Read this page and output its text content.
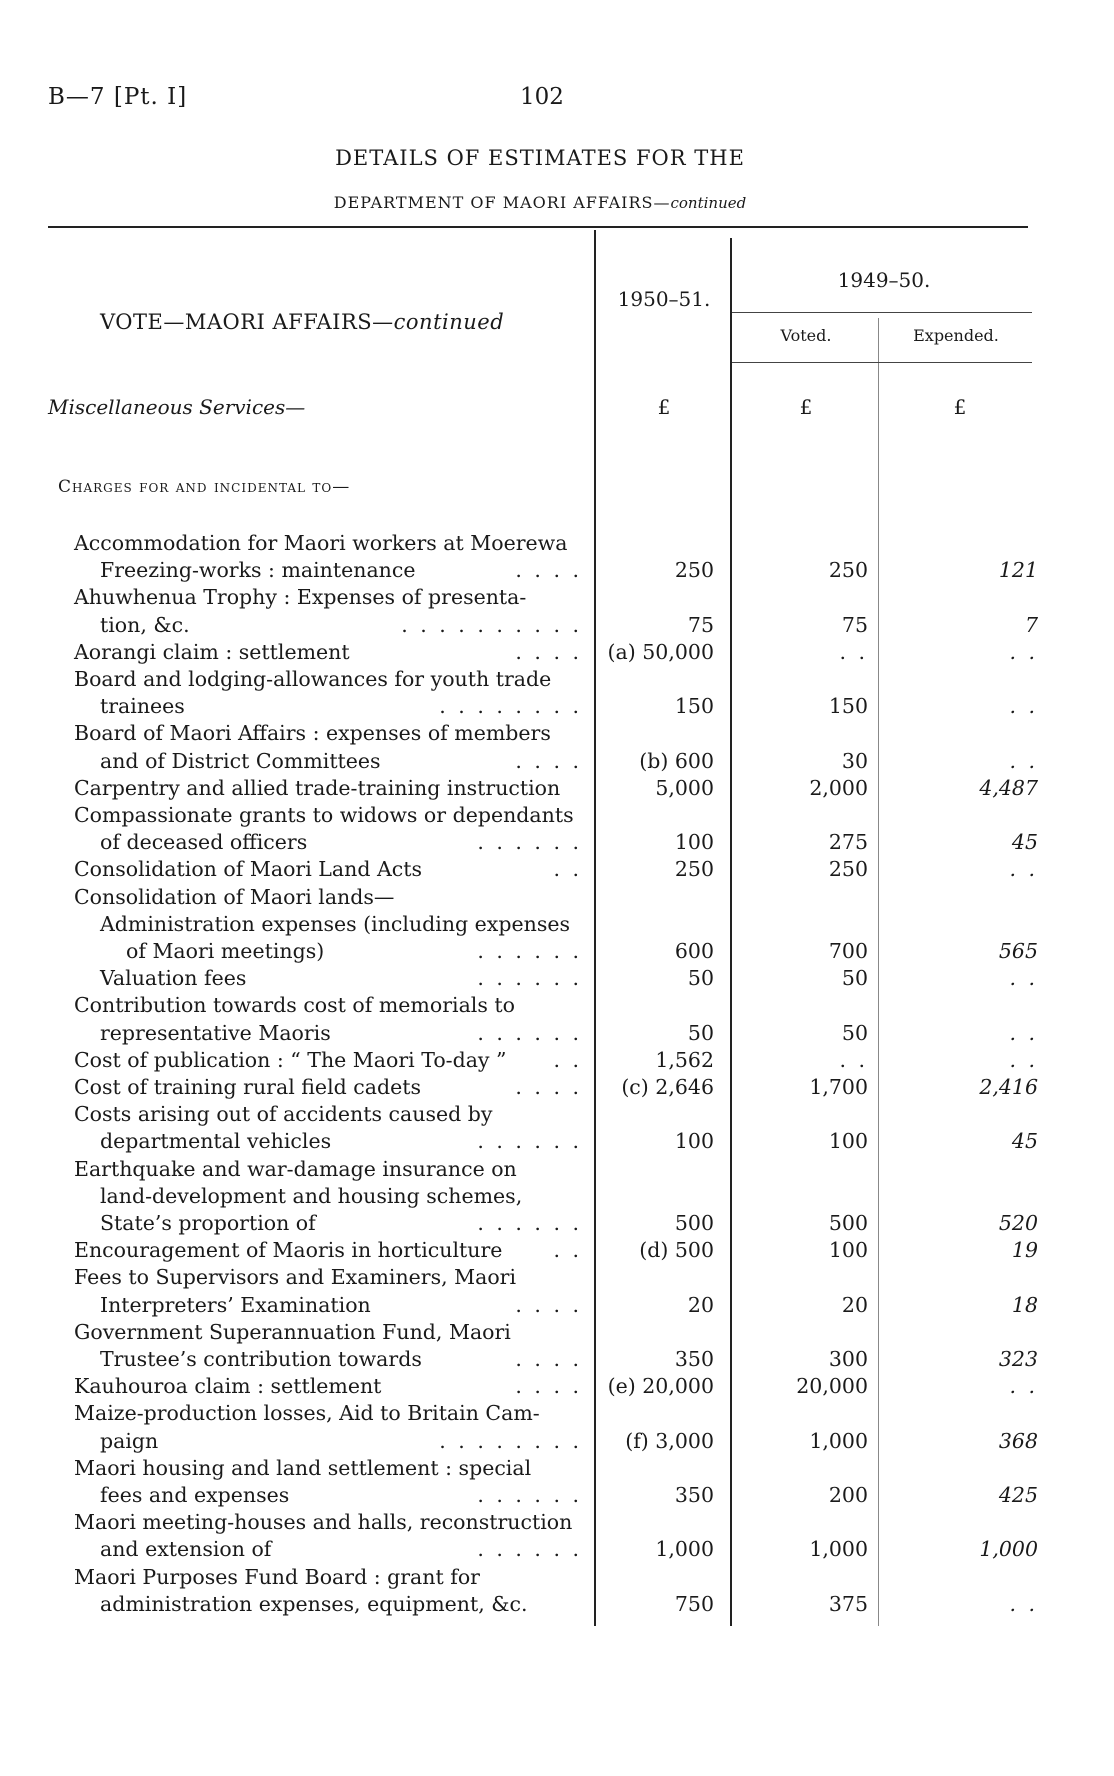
B—7 [Pt. I]	102
DETAILS OF ESTIMATES FOR THE
DEPARTMENT OF MAORI AFFAIRS—continued
VOTE—MAORI AFFAIRS—continued
1950–51.
1949–50.
Voted.	Expended.
Miscellaneous Services—	£	£	£
Charges for and incidental to—
Accommodation for Maori workers at Moerewa
Freezing-works : maintenance	. . . .	250	250	121
Ahuwhenua Trophy : Expenses of presenta-
tion, &c.	. . . . . . . . . .	75	75	7
Aorangi claim : settlement	. . . .	(a) 50,000	. .	. .
Board and lodging-allowances for youth trade
trainees	. . . . . . . .	150	150	. .
Board of Maori Affairs : expenses of members
and of District Committees	. . . .	(b) 600	30	. .
Carpentry and allied trade-training instruction	5,000	2,000	4,487
Compassionate grants to widows or dependants
of deceased officers	. . . . . .	100	275	45
Consolidation of Maori Land Acts	. .	250	250	. .
Consolidation of Maori lands—
Administration expenses (including expenses
of Maori meetings)	. . . . . .	600	700	565
Valuation fees	. . . . . .	50	50	. .
Contribution towards cost of memorials to
representative Maoris	. . . . . .	50	50	. .
Cost of publication : “ The Maori To-day ”	. .	1,562	. .	. .
Cost of training rural field cadets	. . . .	(c) 2,646	1,700	2,416
Costs arising out of accidents caused by
departmental vehicles	. . . . . .	100	100	45
Earthquake and war-damage insurance on
land-development and housing schemes,
State’s proportion of	. . . . . .	500	500	520
Encouragement of Maoris in horticulture	. .	(d) 500	100	19
Fees to Supervisors and Examiners, Maori
Interpreters’ Examination	. . . .	20	20	18
Government Superannuation Fund, Maori
Trustee’s contribution towards	. . . .	350	300	323
Kauhouroa claim : settlement	. . . .	(e) 20,000	20,000	. .
Maize-production losses, Aid to Britain Cam-
paign	. . . . . . . .	(f) 3,000	1,000	368
Maori housing and land settlement : special
fees and expenses	. . . . . .	350	200	425
Maori meeting-houses and halls, reconstruction
and extension of	. . . . . .	1,000	1,000	1,000
Maori Purposes Fund Board : grant for
administration expenses, equipment, &c.	750	375	. .
